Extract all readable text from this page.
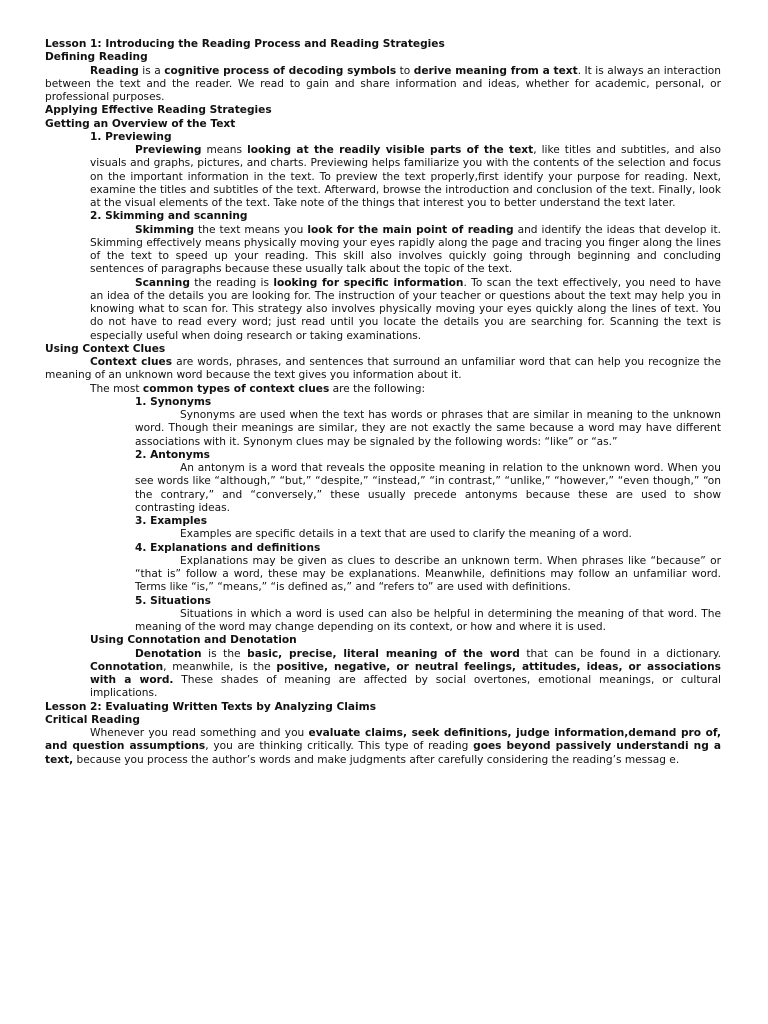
Lesson 1: Introducing the Reading Process and Reading Strategies

Defining Reading

Reading is a cognitive process of decoding symbols to derive meaning from a text. It is always an interaction between the text and the reader. We read to gain and share information and ideas, whether for academic, personal, or professional purposes.

Applying Effective Reading Strategies

Getting an Overview of the Text

1. Previewing

Previewing means looking at the readily visible parts of the text, like titles and subtitles, and also visuals and graphs, pictures, and charts. Previewing helps familiarize you with the contents of the selection and focus on the important information in the text. To preview the text properly,first identify your purpose for reading. Next, examine the titles and subtitles of the text. Afterward, browse the introduction and conclusion of the text. Finally, look at the visual elements of the text. Take note of the things that interest you to better understand the text later.

2. Skimming and scanning

Skimming the text means you look for the main point of reading and identify the ideas that develop it. Skimming effectively means physically moving your eyes rapidly along the page and tracing you finger along the lines of the text to speed up your reading. This skill also involves quickly going through beginning and concluding sentences of paragraphs because these usually talk about the topic of the text.

Scanning the reading is looking for specific information. To scan the text effectively, you need to have an idea of the details you are looking for. The instruction of your teacher or questions about the text may help you in knowing what to scan for. This strategy also involves physically moving your eyes quickly along the lines of text. You do not have to read every word; just read until you locate the details you are searching for. Scanning the text is especially useful when doing research or taking examinations.

Using Context Clues

Context clues are words, phrases, and sentences that surround an unfamiliar word that can help you recognize the meaning of an unknown word because the text gives you information about it.

The most common types of context clues are the following:

1. Synonyms

Synonyms are used when the text has words or phrases that are similar in meaning to the unknown word. Though their meanings are similar, they are not exactly the same because a word may have different associations with it. Synonym clues may be signaled by the following words: “like” or “as.”

2. Antonyms

An antonym is a word that reveals the opposite meaning in relation to the unknown word. When you see words like “although,” “but,” “despite,” “instead,” “in contrast,” “unlike,” “however,” “even though,” “on the contrary,” and “conversely,” these usually precede antonyms because these are used to show contrasting ideas.

3. Examples

Examples are specific details in a text that are used to clarify the meaning of a word.

4. Explanations and definitions

Explanations may be given as clues to describe an unknown term. When phrases like “because” or “that is” follow a word, these may be explanations. Meanwhile, definitions may follow an unfamiliar word. Terms like “is,” “means,” “is defined as,” and “refers to” are used with definitions.

5. Situations

Situations in which a word is used can also be helpful in determining the meaning of that word. The meaning of the word may change depending on its context, or how and where it is used.

Using Connotation and Denotation

Denotation is the basic, precise, literal meaning of the word that can be found in a dictionary. Connotation, meanwhile, is the positive, negative, or neutral feelings, attitudes, ideas, or associations with a word. These shades of meaning are affected by social overtones, emotional meanings, or cultural implications.

Lesson 2: Evaluating Written Texts by Analyzing Claims

Critical Reading

Whenever you read something and you evaluate claims, seek definitions, judge information,demand pro of, and question assumptions, you are thinking critically. This type of reading goes beyond passively understandi ng a text, because you process the author’s words and make judgments after carefully considering the reading’s messag e.
